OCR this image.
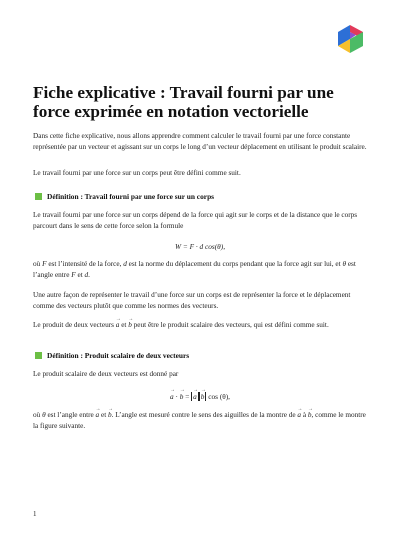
Fiche explicative : Travail fourni par une force exprimée en notation vectorielle
Dans cette fiche explicative, nous allons apprendre comment calculer le travail fourni par une force constante représentée par un vecteur et agissant sur un corps le long d’un vecteur déplacement en utilisant le produit scalaire.
Le travail fourni par une force sur un corps peut être défini comme suit.
Définition : Travail fourni par une force sur un corps
Le travail fourni par une force sur un corps dépend de la force qui agit sur le corps et de la distance que le corps parcourt dans le sens de cette force selon la formule
W = F · d cos(θ),
où F est l’intensité de la force, d est la norme du déplacement du corps pendant que la force agit sur lui, et θ est l’angle entre F et d.
Une autre façon de représenter le travail d’une force sur un corps est de représenter la force et le déplacement comme des vecteurs plutôt que comme les normes des vecteurs.
Le produit de deux vecteurs → a et → b peut être le produit scalaire des vecteurs, qui est défini comme suit.
Définition : Produit scalaire de deux vecteurs
Le produit scalaire de deux vecteurs est donné par
→ a · → b = → a→ b cos (θ),
où θ est l’angle entre → a et → b. L’angle est mesuré contre le sens des aiguilles de la montre de → a à → b, comme le montre la figure suivante.
1
